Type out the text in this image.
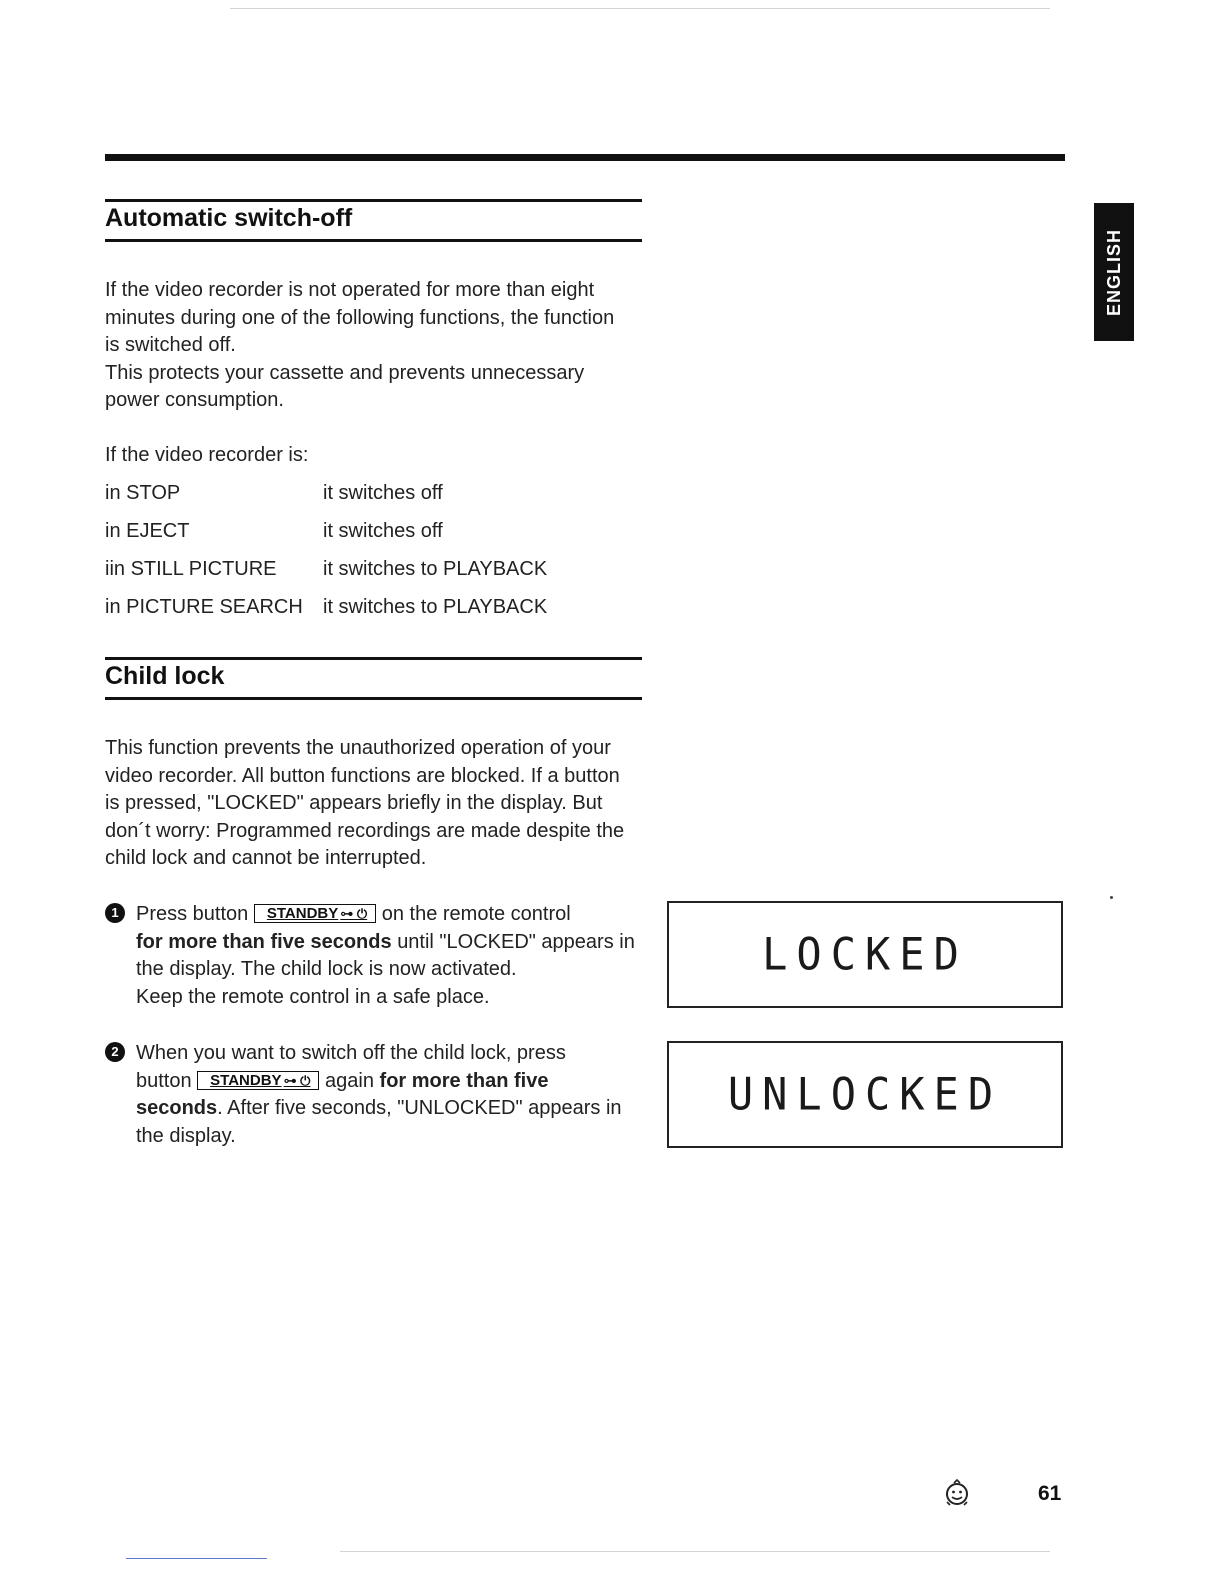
ENGLISH
Automatic switch-off

If the video recorder is not operated for more than eight

minutes during one of the following functions, the function

is switched off.

This protects your cassette and prevents unnecessary

power consumption.

If the video recorder is:

in STOP	it switches off
in EJECT	it switches off
iin STILL PICTURE it switches to PLAYBACK
in PICTURE SEARCH it switches to PLAYBACK
Child lock

This function prevents the unauthorized operation of your

video recorder. All button functions are blocked. If a button

is pressed, "LOCKED" appears briefly in the display. But

don´t worry: Programmed recordings are made despite the

child lock and cannot be interrupted.

1 Press button STANDBY ⊶ ⏻ on the remote control

for more than five seconds until "LOCKED" appears in

the display. The child lock is now activated.

Keep the remote control in a safe place.

2 When you want to switch off the child lock, press

button STANDBY ⊶ ⏻ again for more than five

seconds. After five seconds, "UNLOCKED" appears in

the display.

LOCKED
UNLOCKED
61
